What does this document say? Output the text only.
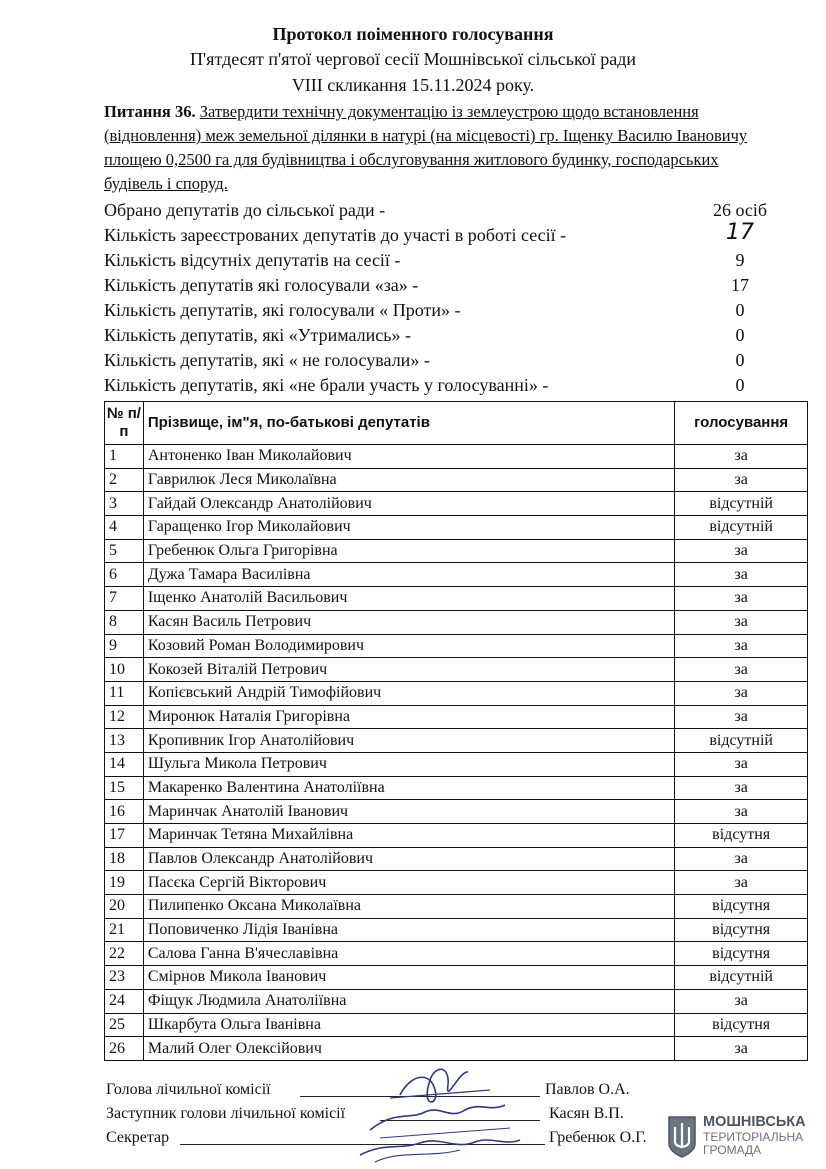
Протокол поіменного голосування
П'ятдесят п'ятої чергової сесії Мошнівської сільської ради
VIII скликання 15.11.2024 року.
Питання 36. Затвердити технічну документацію із землеустрою щодо встановлення (відновлення) меж земельної ділянки в натурі (на місцевості) гр. Іщенку Василю Івановичу площею 0,2500 га для будівництва і обслуговування житлового будинку, господарських будівель і споруд.
Обрано депутатів до сільської ради -	26 осіб
Кількість зареєстрованих депутатів до участі в роботі сесії -	17
Кількість відсутніх депутатів на сесії -	9
Кількість депутатів які голосували «за» -	17
Кількість депутатів, які голосували « Проти» -	0
Кількість депутатів, які «Утримались» -	0
Кількість депутатів, які « не голосували» -	0
Кількість депутатів, які «не брали участь у голосуванні» -	0
№ п/п	Прізвище, ім"я, по-батькові депутатів	голосування
1	Антоненко Іван Миколайович	за
2	Гаврилюк Леся Миколаївна	за
3	Гайдай Олександр Анатолійович	відсутній
4	Гаращенко Ігор Миколайович	відсутній
5	Гребенюк Ольга Григорівна	за
6	Дужа Тамара Василівна	за
7	Іщенко Анатолій Васильович	за
8	Касян Василь Петрович	за
9	Козовий Роман Володимирович	за
10	Кокозей Віталій Петрович	за
11	Копієвський Андрій Тимофійович	за
12	Миронюк Наталія Григорівна	за
13	Кропивник Ігор Анатолійович	відсутній
14	Шульга Микола Петрович	за
15	Макаренко Валентина Анатоліївна	за
16	Маринчак Анатолій Іванович	за
17	Маринчак Тетяна Михайлівна	відсутня
18	Павлов Олександр Анатолійович	за
19	Пасєка Сергій Вікторович	за
20	Пилипенко Оксана Миколаївна	відсутня
21	Поповиченко Лідія Іванівна	відсутня
22	Салова Ганна В'ячеславівна	відсутня
23	Смірнов Микола Іванович	відсутній
24	Фіщук Людмила Анатоліївна	за
25	Шкарбута Ольга Іванівна	відсутня
26	Малий Олег Олексійович	за
Голова лічильної комісії	Павлов О.А.
Заступник голови лічильної комісії	Касян В.П.
Секретар	Гребенюк О.Г.
МОШНІВСЬКА
ТЕРИТОРІАЛЬНА
ГРОМАДА
